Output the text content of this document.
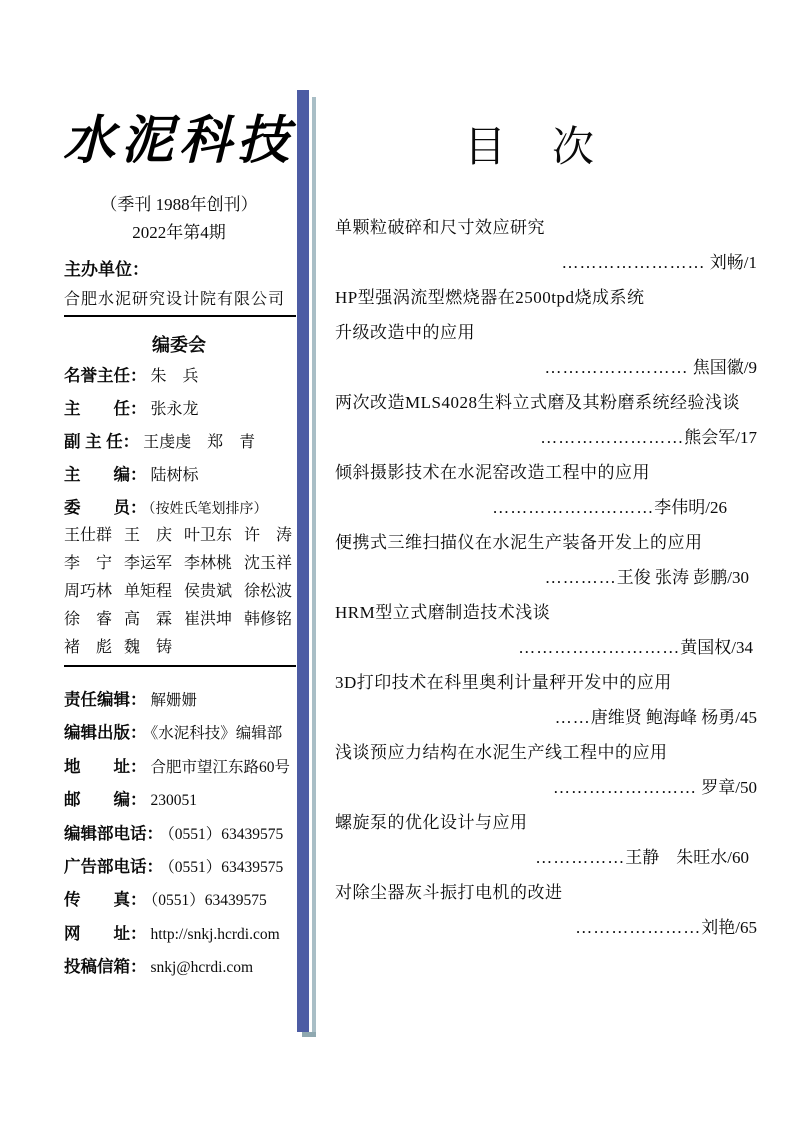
水泥科技
（季刊 1988年创刊）
2022年第4期
主办单位：
合肥水泥研究设计院有限公司
编委会
名誉主任： 朱　兵
主　　任： 张永龙
副 主 任： 王虔虔　郑　青
主　　编： 陆树标
委　　员： （按姓氏笔划排序）
王仕群 王　庆 叶卫东 许　涛
李　宁 李运军 李林桃 沈玉祥
周巧林 单矩程 侯贵斌 徐松波
徐　睿 高　霖 崔洪坤 韩修铭
褚　彪 魏　铸
责任编辑： 解姗姗
编辑出版： 《水泥科技》编辑部
地　　址： 合肥市望江东路60号
邮　　编： 230051
编辑部电话： （0551）63439575
广告部电话： （0551）63439575
传　　真： （0551）63439575
网　　址： http://snkj.hcrdi.com
投稿信箱： snkj@hcrdi.com
目　次
单颗粒破碎和尺寸效应研究
…………………… 刘畅/1
HP型强涡流型燃烧器在2500tpd烧成系统
升级改造中的应用
…………………… 焦国徽/9
两次改造MLS4028生料立式磨及其粉磨系统经验浅谈
……………………熊会军/17
倾斜摄影技术在水泥窑改造工程中的应用
………………………李伟明/26
便携式三维扫描仪在水泥生产装备开发上的应用
…………王俊 张涛 彭鹏/30
HRM型立式磨制造技术浅谈
………………………黄国权/34
3D打印技术在科里奥利计量秤开发中的应用
……唐维贤 鲍海峰 杨勇/45
浅谈预应力结构在水泥生产线工程中的应用
…………………… 罗章/50
螺旋泵的优化设计与应用
……………王静　朱旺水/60
对除尘器灰斗振打电机的改进
…………………刘艳/65
